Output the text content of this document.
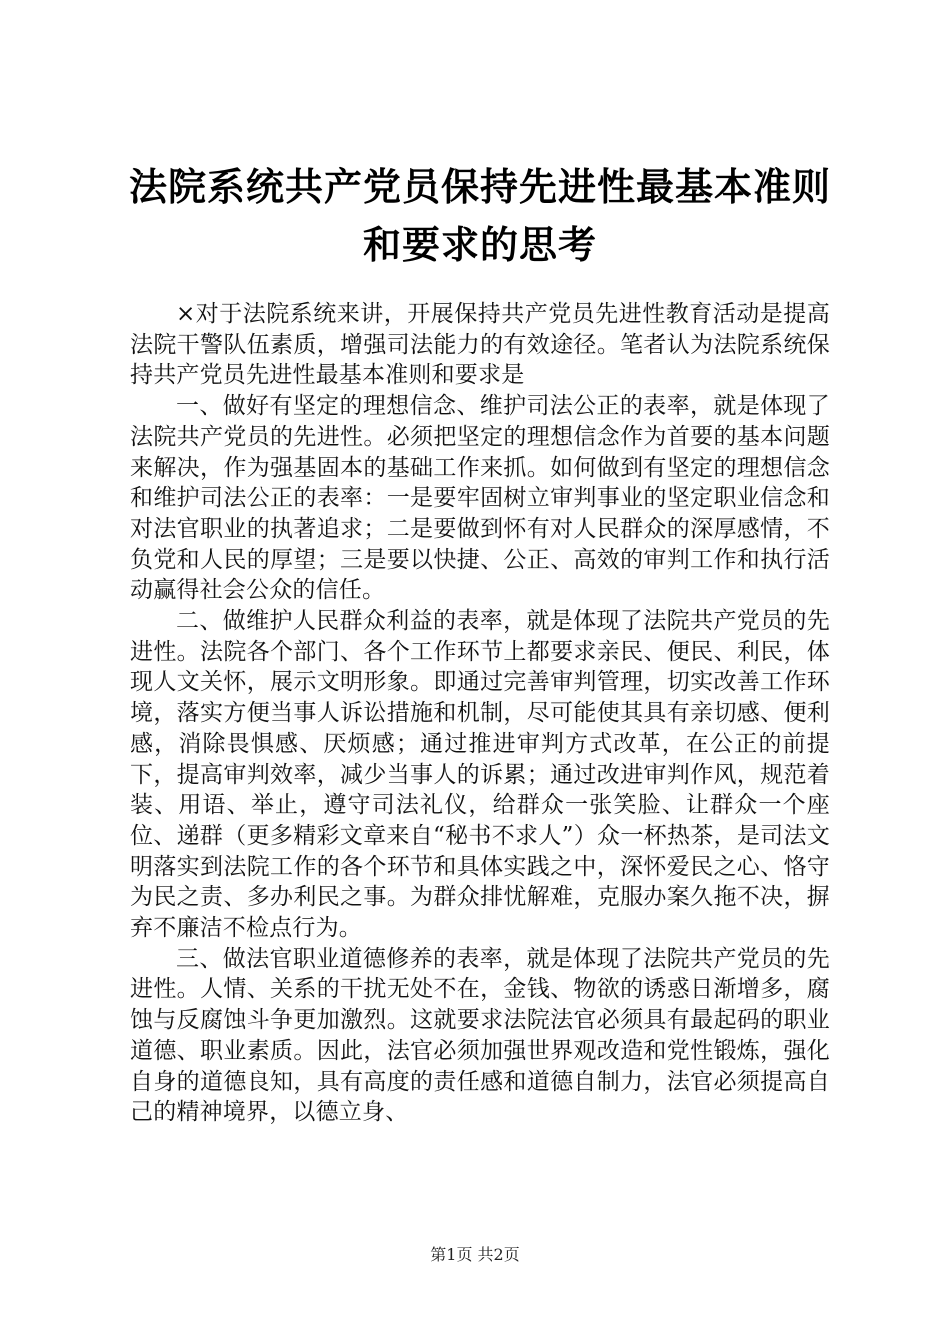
法院系统共产党员保持先进性最基本准则和要求的思考

×对于法院系统来讲，开展保持共产党员先进性教育活动是提高法院干警队伍素质，增强司法能力的有效途径。笔者认为法院系统保持共产党员先进性最基本准则和要求是

一、做好有坚定的理想信念、维护司法公正的表率，就是体现了法院共产党员的先进性。必须把坚定的理想信念作为首要的基本问题来解决，作为强基固本的基础工作来抓。如何做到有坚定的理想信念和维护司法公正的表率：一是要牢固树立审判事业的坚定职业信念和对法官职业的执著追求；二是要做到怀有对人民群众的深厚感情，不负党和人民的厚望；三是要以快捷、公正、高效的审判工作和执行活动赢得社会公众的信任。

二、做维护人民群众利益的表率，就是体现了法院共产党员的先进性。法院各个部门、各个工作环节上都要求亲民、便民、利民，体现人文关怀，展示文明形象。即通过完善审判管理，切实改善工作环境，落实方便当事人诉讼措施和机制，尽可能使其具有亲切感、便利感，消除畏惧感、厌烦感；通过推进审判方式改革，在公正的前提下，提高审判效率，减少当事人的诉累；通过改进审判作风，规范着装、用语、举止，遵守司法礼仪，给群众一张笑脸、让群众一个座位、递群（更多精彩文章来自“秘书不求人”）众一杯热茶，是司法文明落实到法院工作的各个环节和具体实践之中，深怀爱民之心、恪守为民之责、多办利民之事。为群众排忧解难，克服办案久拖不决，摒弃不廉洁不检点行为。

三、做法官职业道德修养的表率，就是体现了法院共产党员的先进性。人情、关系的干扰无处不在，金钱、物欲的诱惑日渐增多，腐蚀与反腐蚀斗争更加激烈。这就要求法院法官必须具有最起码的职业道德、职业素质。因此，法官必须加强世界观改造和党性锻炼，强化自身的道德良知，具有高度的责任感和道德自制力，法官必须提高自己的精神境界，以德立身、

第1页 共2页
